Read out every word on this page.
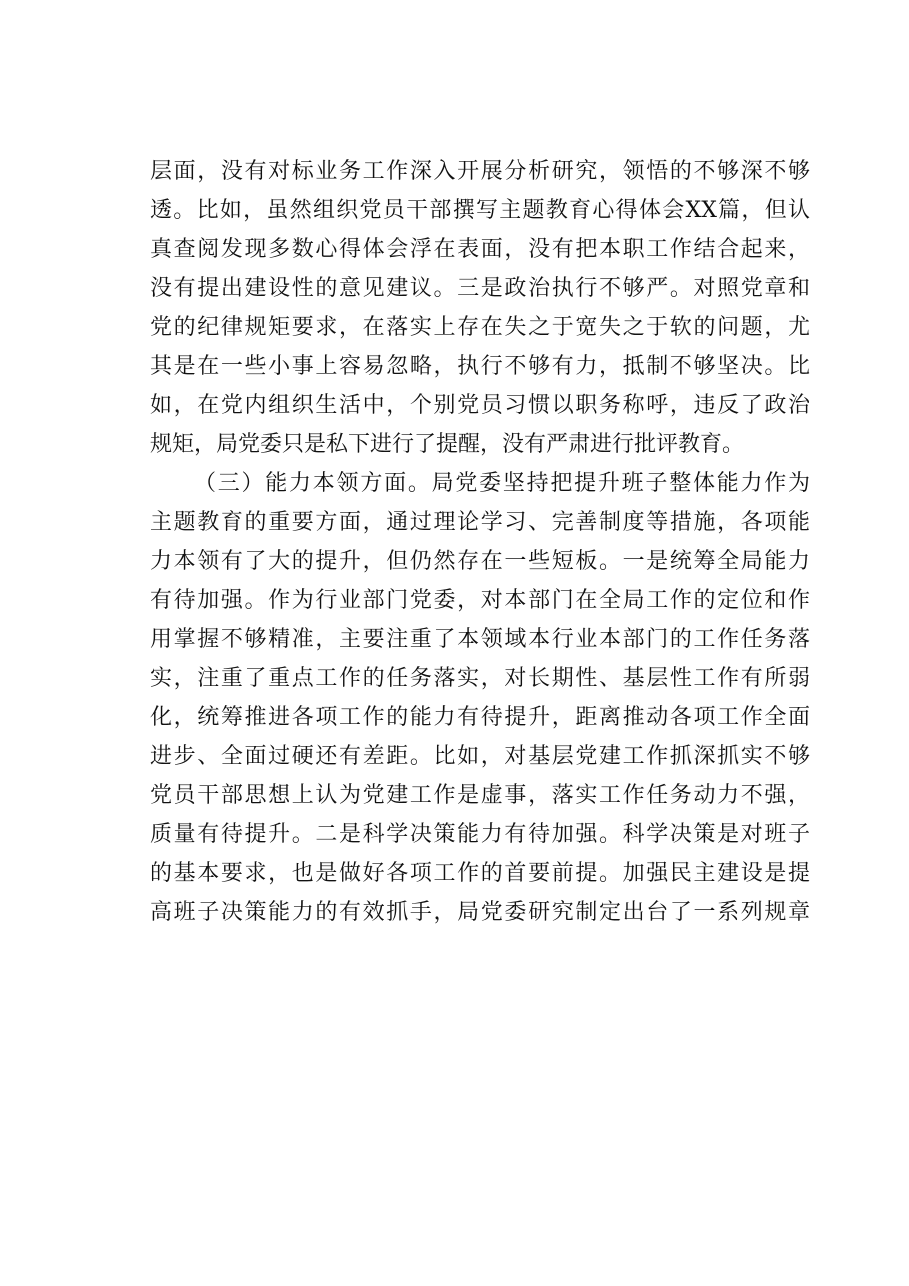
层面，没有对标业务工作深入开展分析研究，领悟的不够深不够
透。比如，虽然组织党员干部撰写主题教育心得体会XX篇，但认
真查阅发现多数心得体会浮在表面，没有把本职工作结合起来，
没有提出建设性的意见建议。三是政治执行不够严。对照党章和
党的纪律规矩要求，在落实上存在失之于宽失之于软的问题，尤
其是在一些小事上容易忽略，执行不够有力，抵制不够坚决。比
如，在党内组织生活中，个别党员习惯以职务称呼，违反了政治
规矩，局党委只是私下进行了提醒，没有严肃进行批评教育。
（三）能力本领方面。局党委坚持把提升班子整体能力作为
主题教育的重要方面，通过理论学习、完善制度等措施，各项能
力本领有了大的提升，但仍然存在一些短板。一是统筹全局能力
有待加强。作为行业部门党委，对本部门在全局工作的定位和作
用掌握不够精准，主要注重了本领域本行业本部门的工作任务落
实，注重了重点工作的任务落实，对长期性、基层性工作有所弱
化，统筹推进各项工作的能力有待提升，距离推动各项工作全面
进步、全面过硬还有差距。比如，对基层党建工作抓深抓实不够
党员干部思想上认为党建工作是虚事，落实工作任务动力不强，
质量有待提升。二是科学决策能力有待加强。科学决策是对班子
的基本要求，也是做好各项工作的首要前提。加强民主建设是提
高班子决策能力的有效抓手，局党委研究制定出台了一系列规章
